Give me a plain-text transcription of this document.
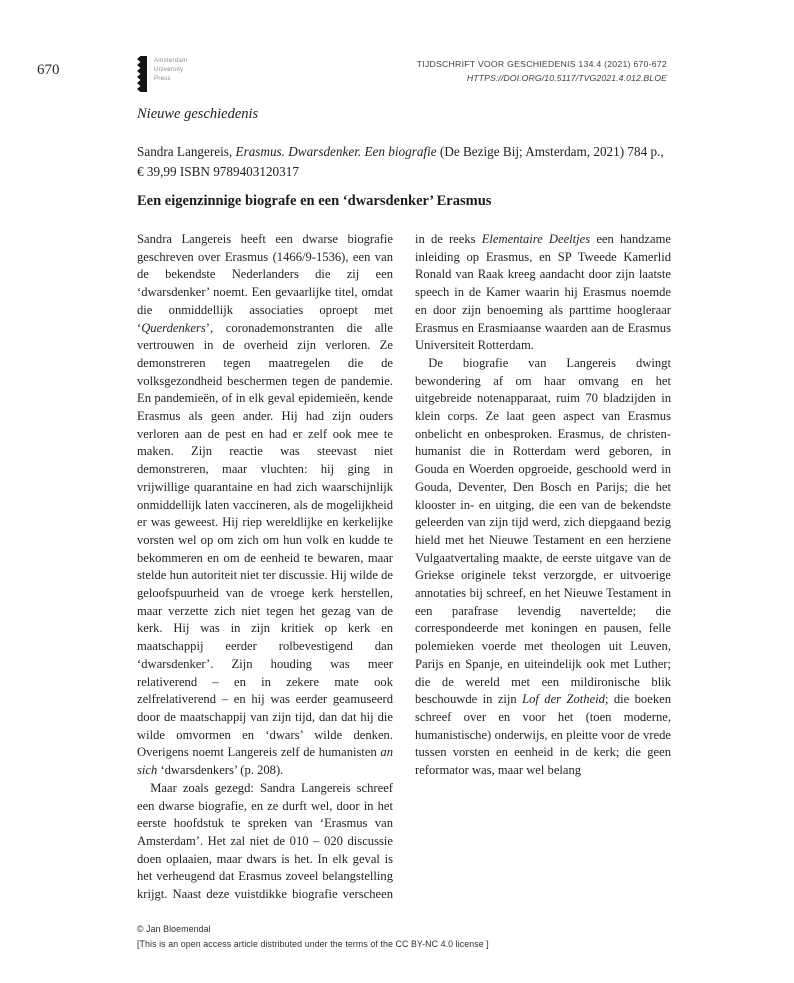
670
Amsterdam
University
Press
TIJDSCHRIFT VOOR GESCHIEDENIS 134.4 (2021) 670-672
HTTPS://DOI.ORG/10.5117/TVG2021.4.012.BLOE
Nieuwe geschiedenis
Sandra Langereis, Erasmus. Dwarsdenker. Een biografie (De Bezige Bij; Amsterdam, 2021) 784 p., € 39,99 ISBN 9789403120317
Een eigenzinnige biografe en een ‘dwarsdenker’ Erasmus

Sandra Langereis heeft een dwarse biografie geschreven over Erasmus (1466/9-1536), een van de bekendste Nederlanders die zij een ‘dwarsdenker’ noemt. Een gevaarlijke titel, omdat die onmiddellijk associaties oproept met ‘Querdenkers’, coronademonstranten die alle vertrouwen in de overheid zijn verloren. Ze demonstreren tegen maatregelen die de volksgezondheid beschermen tegen de pandemie. En pandemieën, of in elk geval epidemieën, kende Erasmus als geen ander. Hij had zijn ouders verloren aan de pest en had er zelf ook mee te maken. Zijn reactie was steevast niet demonstreren, maar vluchten: hij ging in vrijwillige quarantaine en had zich waarschijnlijk onmiddellijk laten vaccineren, als de mogelijkheid er was geweest. Hij riep wereldlijke en kerkelijke vorsten wel op om zich om hun volk en kudde te bekommeren en om de eenheid te bewaren, maar stelde hun autoriteit niet ter discussie. Hij wilde de geloofspuurheid van de vroege kerk herstellen, maar verzette zich niet tegen het gezag van de kerk. Hij was in zijn kritiek op kerk en maatschappij eerder rolbevestigend dan ‘dwarsdenker’. Zijn houding was meer relativerend – en in zekere mate ook zelfrelativerend – en hij was eerder geamuseerd door de maatschappij van zijn tijd, dan dat hij die wilde omvormen en ‘dwars’ wilde denken. Overigens noemt Langereis zelf de humanisten an sich ‘dwarsdenkers’ (p. 208).

Maar zoals gezegd: Sandra Langereis schreef een dwarse biografie, en ze durft wel, door in het eerste hoofdstuk te spreken van ‘Erasmus van Amsterdam’. Het zal niet de 010 – 020 discussie doen oplaaien, maar dwars is het. In elk geval is het verheugend dat Erasmus zoveel belangstelling krijgt. Naast deze vuistdikke biografie verscheen in de reeks Elementaire Deeltjes een handzame inleiding op Erasmus, en SP Tweede Kamerlid Ronald van Raak kreeg aandacht door zijn laatste speech in de Kamer waarin hij Erasmus noemde en door zijn benoeming als parttime hoogleraar Erasmus en Erasmiaanse waarden aan de Erasmus Universiteit Rotterdam.

De biografie van Langereis dwingt bewondering af om haar omvang en het uitgebreide notenapparaat, ruim 70 bladzijden in klein corps. Ze laat geen aspect van Erasmus onbelicht en onbesproken. Erasmus, de christen-humanist die in Rotterdam werd geboren, in Gouda en Woerden opgroeide, geschoold werd in Gouda, Deventer, Den Bosch en Parijs; die het klooster in- en uitging, die een van de bekendste geleerden van zijn tijd werd, zich diepgaand bezig hield met het Nieuwe Testament en een herziene Vulgaatvertaling maakte, de eerste uitgave van de Griekse originele tekst verzorgde, er uitvoerige annotaties bij schreef, en het Nieuwe Testament in een parafrase levendig navertelde; die correspondeerde met koningen en pausen, felle polemieken voerde met theologen uit Leuven, Parijs en Spanje, en uiteindelijk ook met Luther; die de wereld met een mildironische blik beschouwde in zijn Lof der Zotheid; die boeken schreef over en voor het (toen moderne, humanistische) onderwijs, en pleitte voor de vrede tussen vorsten en eenheid in de kerk; die geen reformator was, maar wel belang

© Jan Bloemendal
[This is an open access article distributed under the terms of the CC BY-NC 4.0 license ]
